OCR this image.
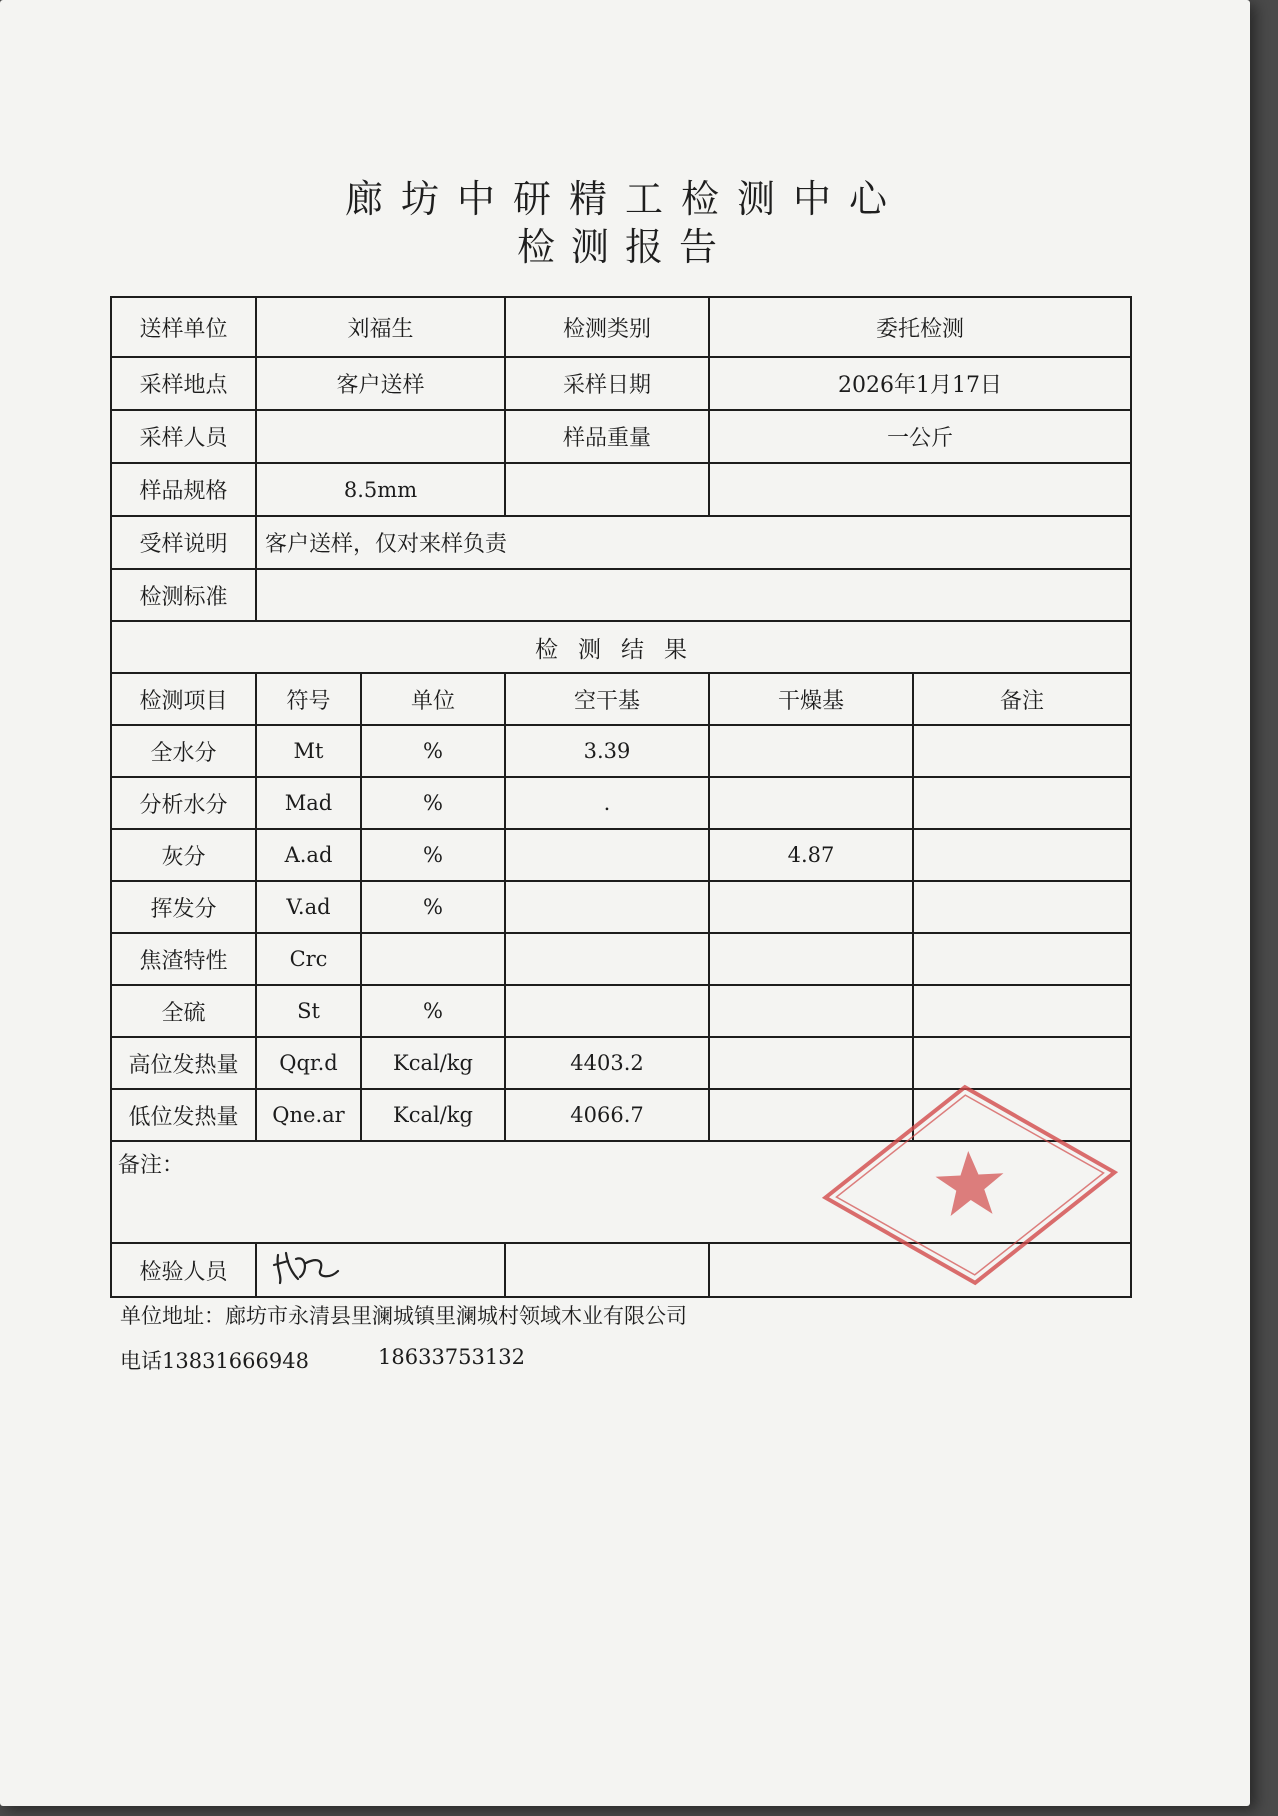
廊坊中研精工检测中心
检测报告
送样单位	刘福生		检测类别	委托检测	
采样地点	客户送样		采样日期	2026年1月17日	
采样人员			样品重量	一公斤	
样品规格	8.5mm				
受样说明	客户送样，仅对来样负责				
检测标准					
检测结果					
检测项目	符号	单位	空干基	干燥基	备注
全水分	Mt	%	3.39		
分析水分	Mad	%	.		
灰分	A.ad	%		4.87	
挥发分	V.ad	%			
焦渣特性	Crc				
全硫	St	%			
高位发热量	Qqr.d	Kcal/kg	4403.2		
低位发热量	Qne.ar	Kcal/kg	4066.7		
备注：					
检验人员					
单位地址：廊坊市永清县里澜城镇里澜城村领域木业有限公司
电话13831666948	18633753132
